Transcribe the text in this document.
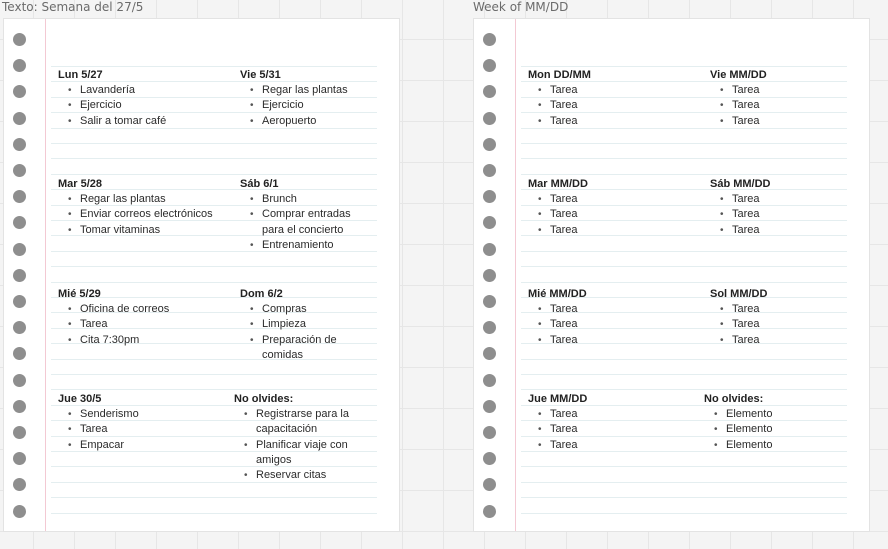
Texto: Semana del 27/5
Lun 5/27
• Lavandería
• Ejercicio
• Salir a tomar café
Mar 5/28
• Regar las plantas
• Enviar correos electrónicos
• Tomar vitaminas
Mié 5/29
• Oficina de correos
• Tarea
• Cita 7:30pm
Jue 30/5
• Senderismo
• Tarea
• Empacar
Vie 5/31
• Regar las plantas
• Ejercicio
• Aeropuerto
Sáb 6/1
• Brunch
• Comprar entradas para el concierto
• Entrenamiento
Dom 6/2
• Compras
• Limpieza
• Preparación de comidas
No olvides:
• Registrarse para la capacitación
• Planificar viaje con amigos
• Reservar citas
Week of MM/DD
Mon DD/MM
• Tarea
• Tarea
• Tarea
Mar MM/DD
• Tarea
• Tarea
• Tarea
Mié MM/DD
• Tarea
• Tarea
• Tarea
Jue MM/DD
• Tarea
• Tarea
• Tarea
Vie MM/DD
• Tarea
• Tarea
• Tarea
Sáb MM/DD
• Tarea
• Tarea
• Tarea
Sol MM/DD
• Tarea
• Tarea
• Tarea
No olvides:
• Elemento
• Elemento
• Elemento
